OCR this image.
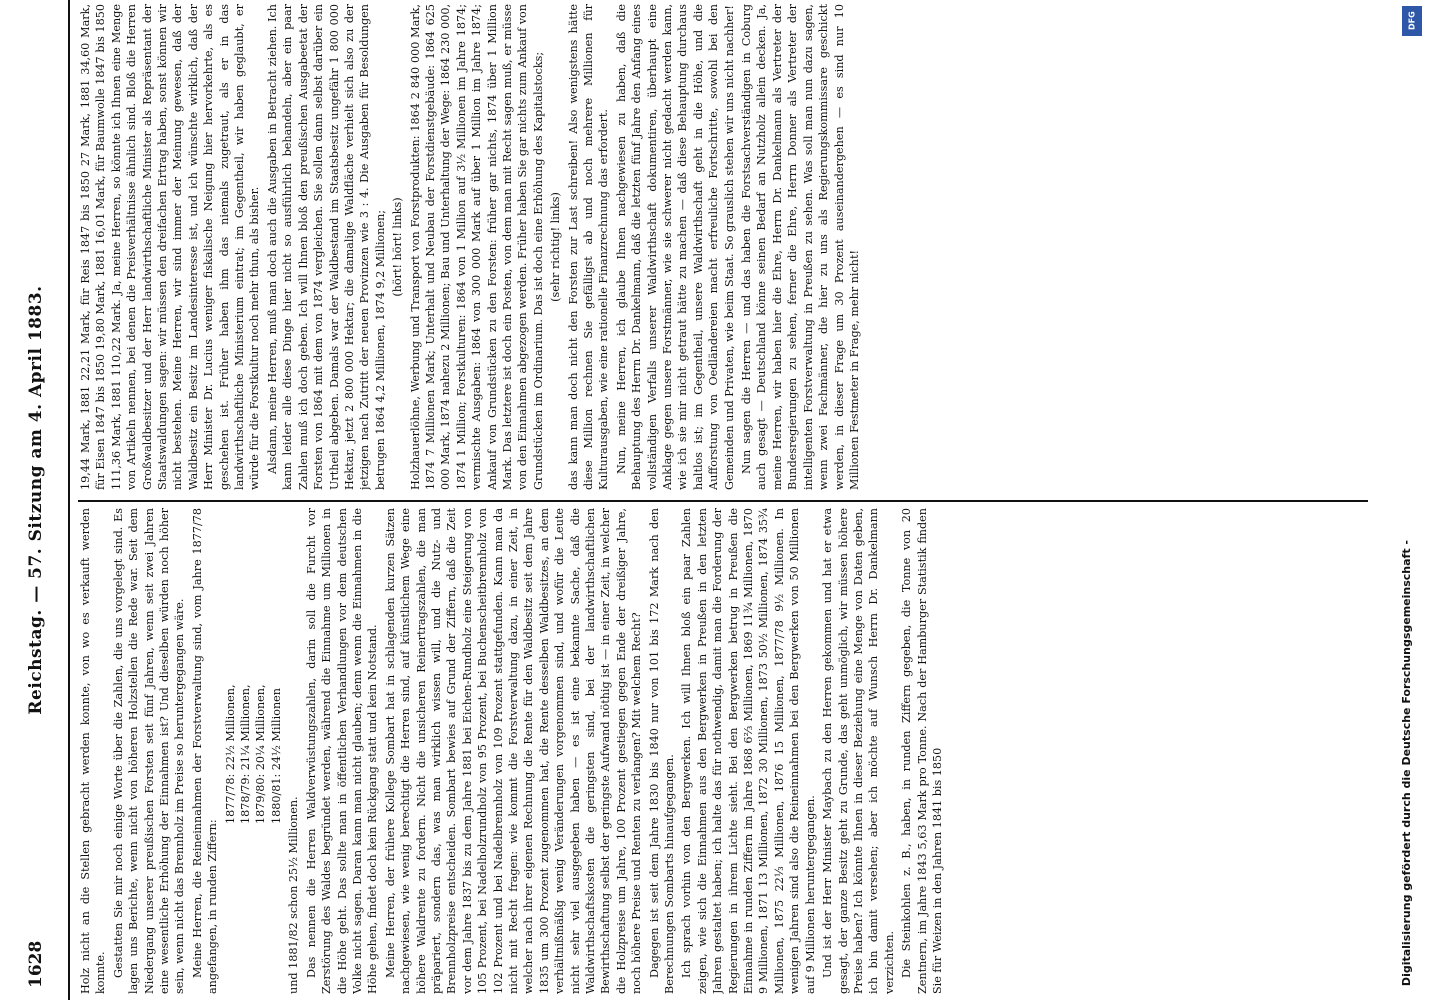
1628
Reichstag. — 57. Sitzung am 4. April 1883.

Holz nicht an die Stellen gebracht werden konnte, von wo es verkauft werden konnte. Gestatten Sie mir noch einige Worte über die Zahlen, die uns vorgelegt sind. Es lagen uns Berichte, wenn nicht von höheren Holzstellen die Rede war. Seit dem Niedergang unserer preußischen Forsten seit fünf Jahren, wenn seit zwei Jahren eine wesentliche Erhöhung der Einnahmen ist? Und dieselben würden noch höher sein, wenn nicht das Brennholz im Preise so heruntergegangen wäre. Meine Herren, die Reineinnahmen der Forstverwaltung sind, vom Jahre 1877/78 angefangen, in runden Ziffern:

1877/78: 22½ Millionen, 1878/79: 21¼ Millionen, 1879/80: 20¼ Millionen, 1880/81: 24½ Millionen

und 1881/82 schon 25½ Millionen. Das nennen die Herren Waldverwüstungszahlen, darin soll die Furcht vor Zerstörung des Waldes begründet werden, während die Einnahme um Millionen in die Höhe geht. Das sollte man in öffentlichen Verhandlungen vor dem deutschen Volke nicht sagen. Daran kann man nicht glauben; denn wenn die Einnahmen in die Höhe gehen, findet doch kein Rückgang statt und kein Notstand. Meine Herren, der frühere Kollege Sombart hat in schlagenden kurzen Sätzen nachgewiesen, wie wenig berechtigt die Herren sind, auf künstlichem Wege eine höhere Waldrente zu fordern. Nicht die unsicheren Reinertragszahlen, die man präpariert, sondern das, was man wirklich wissen will, und die Nutz- und Brennholzpreise entscheiden. Sombart bewies auf Grund der Ziffern, daß die Zeit vor dem Jahre 1837 bis zu dem Jahre 1881 bei Eichen-Rundholz eine Steigerung von 105 Prozent, bei Nadelholzrundholz von 95 Prozent, bei Buchenscheitbrennholz von 102 Prozent und bei Nadelbrennholz von 109 Prozent stattgefunden. Kann man da nicht mit Recht fragen: wie kommt die Forstverwaltung dazu, in einer Zeit, in welcher nach ihrer eigenen Rechnung die Rente für den Waldbesitz seit dem Jahre 1835 um 300 Prozent zugenommen hat, die Rente desselben Waldbesitzes, an dem verhältnißmäßig wenig Veränderungen vorgenommen sind, und wofür die Leute nicht sehr viel ausgegeben haben — es ist eine bekannte Sache, daß die Waldwirthschaftskosten die geringsten sind, bei der landwirthschaftlichen Bewirthschaftung selbst der geringste Aufwand nöthig ist — in einer Zeit, in welcher die Holzpreise um Jahre, 100 Prozent gestiegen gegen Ende der dreißiger Jahre, noch höhere Preise und Renten zu verlangen? Mit welchem Recht? Dagegen ist seit dem Jahre 1830 bis 1840 nur von 101 bis 172 Mark nach den Berechnungen Sombarts hinaufgegangen. Ich sprach vorhin von den Bergwerken. Ich will Ihnen bloß ein paar Zahlen zeigen, wie sich die Einnahmen aus den Bergwerken in Preußen in den letzten Jahren gestaltet haben; ich halte das für nothwendig, damit man die Forderung der Regierungen in ihrem Lichte sieht. Bei den Bergwerken betrug in Preußen die Einnahme in runden Ziffern im Jahre 1868 6⅔ Millionen, 1869 11¾ Millionen, 1870 9 Millionen, 1871 13 Millionen, 1872 30 Millionen, 1873 50½ Millionen, 1874 35¾ Millionen, 1875 22⅓ Millionen, 1876 15 Millionen, 1877/78 9½ Millionen. In wenigen Jahren sind also die Reineinnahmen bei den Bergwerken von 50 Millionen auf 9 Millionen heruntergegangen. Und ist der Herr Minister Maybach zu den Herren gekommen und hat er etwa gesagt, der ganze Besitz geht zu Grunde, das geht unmöglich, wir müssen höhere Preise haben? Ich könnte Ihnen in dieser Beziehung eine Menge von Daten geben, ich bin damit versehen; aber ich möchte auf Wunsch Herrn Dr. Dankelmann verzichten. Die Steinkohlen z. B., haben, in runden Ziffern gegeben, die Tonne von 20 Zentnern, im Jahre 1843 5,63 Mark pro Tonne. Nach der Hamburger Statistik finden Sie für Weizen in den Jahren 1841 bis 1850

19,44 Mark, 1881 22,21 Mark, für Reis 1847 bis 1850 27 Mark, 1881 34,60 Mark, für Eisen 1847 bis 1850 19,80 Mark, 1881 16,01 Mark, für Baumwolle 1847 bis 1850 111,36 Mark, 1881 110,22 Mark. Ja, meine Herren, so könnte ich Ihnen eine Menge von Artikeln nennen, bei denen die Preisverhältnisse ähnlich sind. Bloß die Herren Großwaldbesitzer und der Herr landwirthschaftliche Minister als Repräsentant der Staatswaldungen sagen: wir müssen den dreifachen Ertrag haben, sonst können wir nicht bestehen. Meine Herren, wir sind immer der Meinung gewesen, daß der Waldbesitz ein Besitz im Landesinteresse ist, und ich wünschte wirklich, daß der Herr Minister Dr. Lucius weniger fiskalische Neigung hier hervorkehrte, als es geschehen ist. Früher haben ihm das niemals zugetraut, als er in das landwirthschaftliche Ministerium eintrat; im Gegentheil, wir haben geglaubt, er würde für die Forstkultur noch mehr thun, als bisher. Alsdann, meine Herren, muß man doch auch die Ausgaben in Betracht ziehen. Ich kann leider alle diese Dinge hier nicht so ausführlich behandeln, aber ein paar Zahlen muß ich doch geben. Ich will Ihnen bloß den preußischen Ausgabeetat der Forsten von 1864 mit dem von 1874 vergleichen. Sie sollen dann selbst darüber ein Urtheil abgeben. Damals war der Waldbestand im Staatsbesitz ungefähr 1 800 000 Hektar, jetzt 2 800 000 Hektar; die damalige Waldfläche verhielt sich also zu der jetzigen nach Zutritt der neuen Provinzen wie 3 : 4. Die Ausgaben für Besoldungen betrugen 1864 4,2 Millionen, 1874 9,2 Millionen; (hört! hört! links) Holzhauerlöhne, Werbung und Transport von Forstprodukten: 1864 2 840 000 Mark, 1874 7 Millionen Mark; Unterhalt und Neubau der Forstdienstgebäude: 1864 625 000 Mark, 1874 nahezu 2 Millionen; Bau und Unterhaltung der Wege: 1864 230 000, 1874 1 Million; Forstkulturen: 1864 von 1 Million auf 3½ Millionen im Jahre 1874; vermischte Ausgaben: 1864 von 300 000 Mark auf über 1 Million im Jahre 1874; Ankauf von Grundstücken zu den Forsten: früher gar nichts, 1874 über 1 Million Mark. Das letztere ist doch ein Posten, von dem man mit Recht sagen muß, er müsse von den Einnahmen abgezogen werden. Früher haben Sie gar nichts zum Ankauf von Grundstücken im Ordinarium. Das ist doch eine Erhöhung des Kapitalstocks; (sehr richtig! links) das kann man doch nicht den Forsten zur Last schreiben! Also wenigstens hätte diese Million rechnen Sie gefälligst ab und noch mehrere Millionen für Kulturausgaben, wie eine rationelle Finanzrechnung das erfordert. Nun, meine Herren, ich glaube Ihnen nachgewiesen zu haben, daß die Behauptung des Herrn Dr. Dankelmann, daß die letzten fünf Jahre den Anfang eines vollständigen Verfalls unserer Waldwirthschaft dokumentiren, überhaupt eine Anklage gegen unsere Forstmänner, wie sie schwerer nicht gedacht werden kann, wie ich sie mir nicht getraut hätte zu machen — daß diese Behauptung durchaus haltlos ist; im Gegentheil, unsere Waldwirthschaft geht in die Höhe, und die Aufforstung von Oedländereien macht erfreuliche Fortschritte, sowohl bei den Gemeinden und Privaten, wie beim Staat. So grauslich stehen wir uns nicht nachher! Nun sagen die Herren — und das haben die Forstsachverständigen in Coburg auch gesagt — Deutschland könne seinen Bedarf an Nutzholz allein decken. Ja, meine Herren, wir haben hier die Ehre, Herrn Dr. Dankelmann als Vertreter der Bundesregierungen zu sehen, ferner die Ehre, Herrn Donner als Vertreter der intelligenten Forstverwaltung in Preußen zu sehen. Was soll man nun dazu sagen, wenn zwei Fachmänner, die hier zu uns als Regierungskommissare geschickt werden, in dieser Frage um 30 Prozent auseinandergehen — es sind nur 10 Millionen Festmeter in Frage, mehr nicht!

DFG
Digitalisierung gefördert durch die Deutsche Forschungsgemeinschaft -
